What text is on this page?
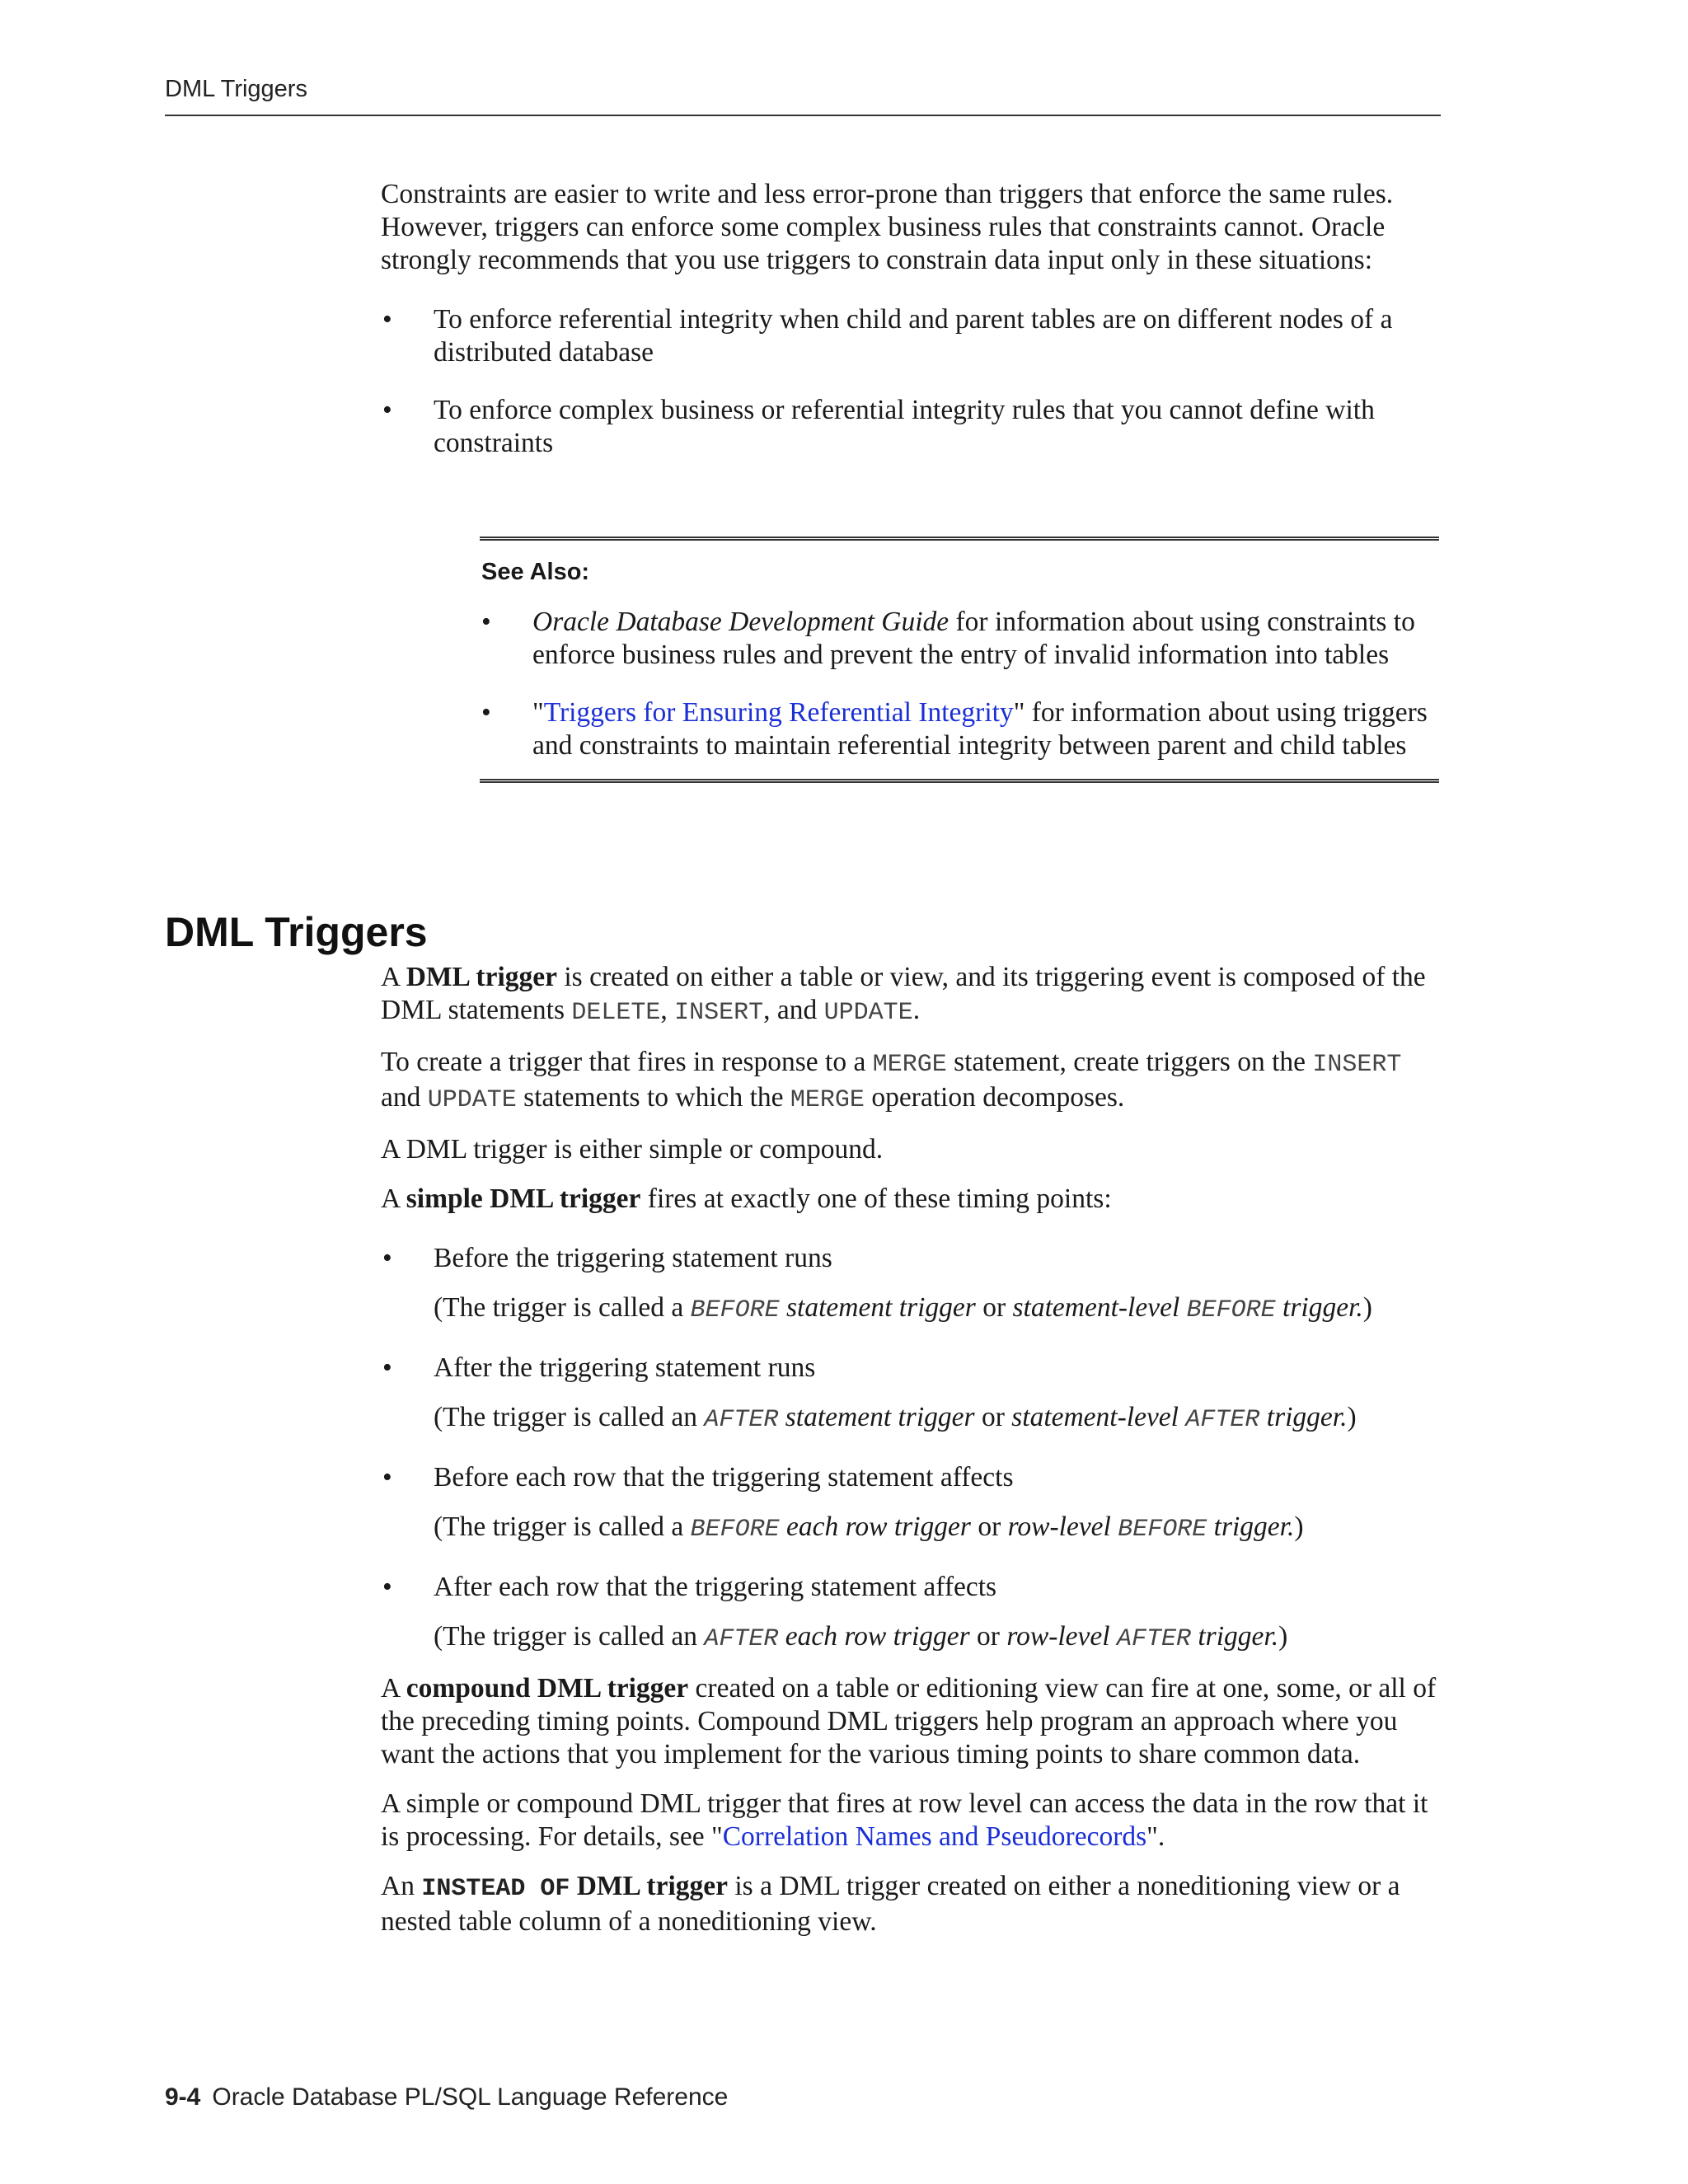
DML Triggers

Constraints are easier to write and less error-prone than triggers that enforce the same rules. However, triggers can enforce some complex business rules that constraints cannot. Oracle strongly recommends that you use triggers to constrain data input only in these situations:

• To enforce referential integrity when child and parent tables are on different nodes of a distributed database
• To enforce complex business or referential integrity rules that you cannot define with constraints
See Also:
• Oracle Database Development Guide for information about using constraints to enforce business rules and prevent the entry of invalid information into tables
• "Triggers for Ensuring Referential Integrity" for information about using triggers and constraints to maintain referential integrity between parent and child tables
DML Triggers

A DML trigger is created on either a table or view, and its triggering event is composed of the DML statements DELETE, INSERT, and UPDATE.

To create a trigger that fires in response to a MERGE statement, create triggers on the INSERT and UPDATE statements to which the MERGE operation decomposes.

A DML trigger is either simple or compound.

A simple DML trigger fires at exactly one of these timing points:

• Before the triggering statement runs
(The trigger is called a BEFORE statement trigger or statement-level BEFORE trigger.)
• After the triggering statement runs
(The trigger is called an AFTER statement trigger or statement-level AFTER trigger.)
• Before each row that the triggering statement affects
(The trigger is called a BEFORE each row trigger or row-level BEFORE trigger.)
• After each row that the triggering statement affects
(The trigger is called an AFTER each row trigger or row-level AFTER trigger.)

A compound DML trigger created on a table or editioning view can fire at one, some, or all of the preceding timing points. Compound DML triggers help program an approach where you want the actions that you implement for the various timing points to share common data.

A simple or compound DML trigger that fires at row level can access the data in the row that it is processing. For details, see "Correlation Names and Pseudorecords".

An INSTEAD OF DML trigger is a DML trigger created on either a noneditioning view or a nested table column of a noneditioning view.

9-4 Oracle Database PL/SQL Language Reference
